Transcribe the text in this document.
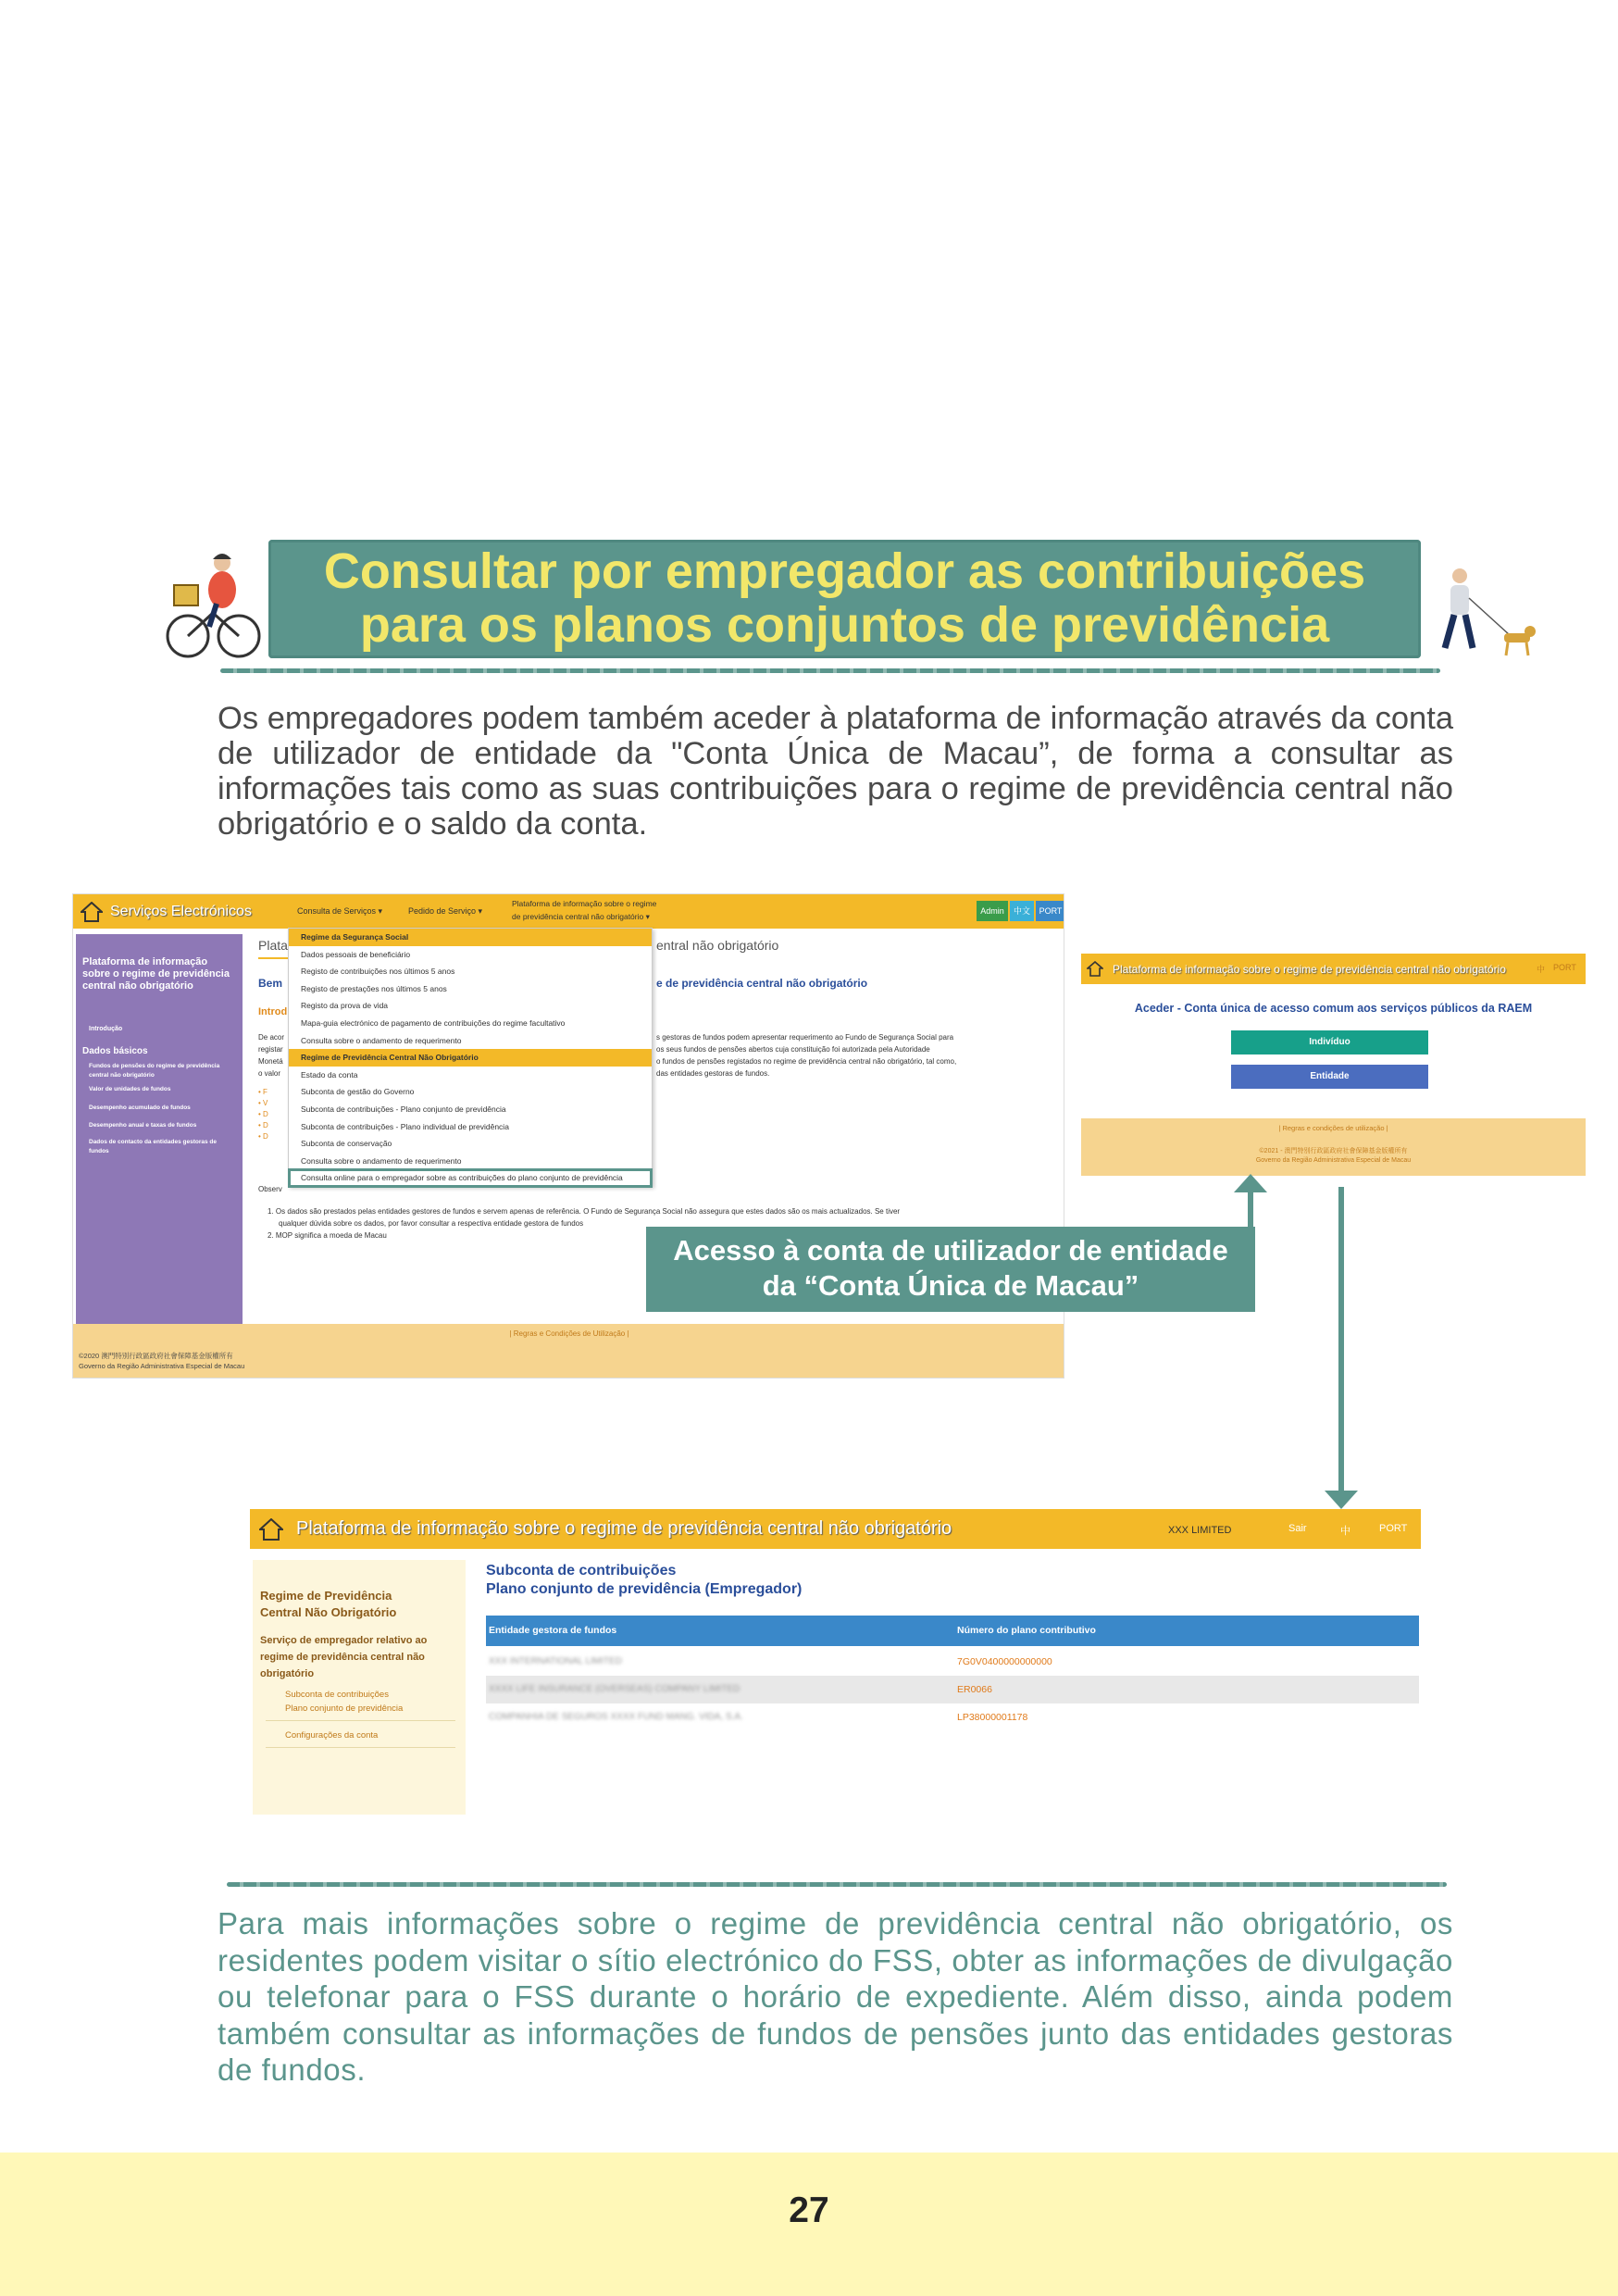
Consultar por empregador as contribuições
para os planos conjuntos de previdência

Os empregadores podem também aceder à plataforma de informação através da conta de utilizador de entidade da "Conta Única de Macau”, de forma a consultar as informações tais como as suas contribuições para o regime de previdência central não obrigatório e o saldo da conta.

Serviços Electrónicos	Consulta de Serviços ▾	Pedido de Serviço ▾
Plataforma de informação sobre o regime
de previdência central não obrigatório ▾
Admin	中文	PORT
Plataforma de informação sobre o regime de previdência central não obrigatório
Introdução
Dados básicos
Fundos de pensões do regime de previdência central não obrigatório
Valor de unidades de fundos
Desempenho acumulado de fundos
Desempenho anual e taxas de fundos
Dados de contacto da entidades gestoras de fundos
Plata	entral não obrigatório
Bem	e de previdência central não obrigatório
Introd
De acor
registar
Monetá
o valor
s gestoras de fundos podem apresentar requerimento ao Fundo de Segurança Social para
os seus fundos de pensões abertos cuja constituição foi autorizada pela Autoridade
o fundos de pensões registados no regime de previdência central não obrigatório, tal como,
das entidades gestoras de fundos.
• F
• V
• D
• D
• D
Observ
1. Os dados são prestados pelas entidades gestores de fundos e servem apenas de referência. O Fundo de Segurança Social não assegura que estes dados são os mais actualizados. Se tiver
qualquer dúvida sobre os dados, por favor consultar a respectiva entidade gestora de fundos
2. MOP significa a moeda de Macau
Regime da Segurança Social
Dados pessoais de beneficiário
Registo de contribuições nos últimos 5 anos
Registo de prestações nos últimos 5 anos
Registo da prova de vida
Mapa-guia electrónico de pagamento de contribuições do regime facultativo
Consulta sobre o andamento de requerimento
Regime de Previdência Central Não Obrigatório
Estado da conta
Subconta de gestão do Governo
Subconta de contribuições - Plano conjunto de previdência
Subconta de contribuições - Plano individual de previdência
Subconta de conservação
Consulta sobre o andamento de requerimento
Consulta online para o empregador sobre as contribuições do plano conjunto de previdência
| Regras e Condições de Utilização |
©2020 澳門特別行政區政府社會保障基金版權所有
Governo da Região Administrativa Especial de Macau
Plataforma de informação sobre o regime de previdência central não obrigatório	中 PORT
Aceder - Conta única de acesso comum aos serviços públicos da RAEM
Indivíduo
Entidade
| Regras e condições de utilização |
©2021 - 澳門特別行政區政府社會保障基金版權所有
Governo da Região Administrativa Especial de Macau
Acesso à conta de utilizador de entidade
da “Conta Única de Macau”
Plataforma de informação sobre o regime de previdência central não obrigatório	XXX LIMITED	Sair	中	PORT
Regime de Previdência
Central Não Obrigatório
Serviço de empregador relativo ao
regime de previdência central não
obrigatório
Subconta de contribuições
Plano conjunto de previdência
Configurações da conta
Subconta de contribuições
Plano conjunto de previdência (Empregador)
Entidade gestora de fundos	Número do plano contributivo
XXX INTERNATIONAL LIMITED	7G0V0400000000000
XXXX LIFE INSURANCE (OVERSEAS) COMPANY LIMITED	ER0066
COMPANHIA DE SEGUROS XXXX FUND MANG. VIDA, S.A.	LP38000001178

Para mais informações sobre o regime de previdência central não obrigatório, os residentes podem visitar o sítio electrónico do FSS, obter as informações de divulgação ou telefonar para o FSS durante o horário de expediente. Além disso, ainda podem também consultar as informações de fundos de pensões junto das entidades gestoras de fundos.

27
